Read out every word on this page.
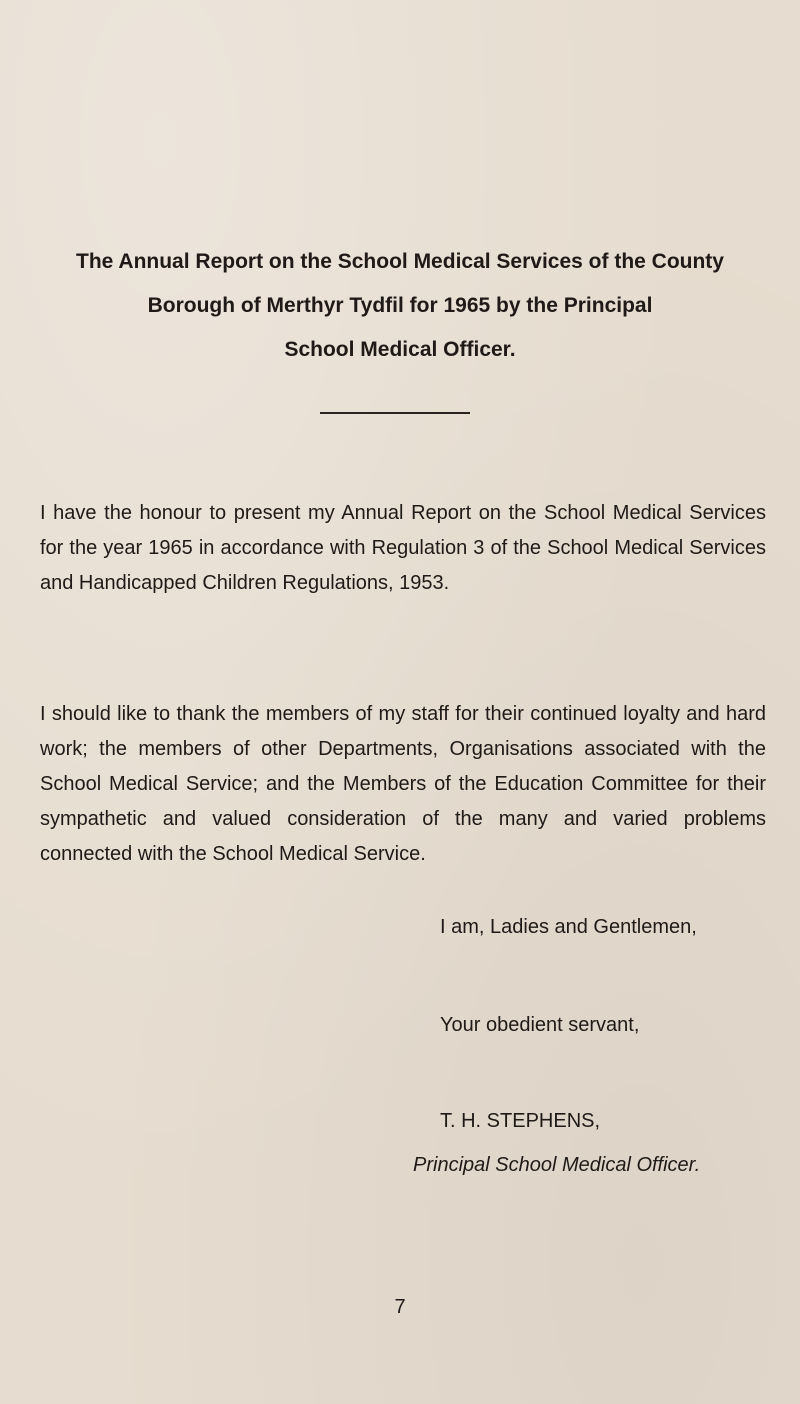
The Annual Report on the School Medical Services of the County
Borough of Merthyr Tydfil for 1965 by the Principal
School Medical Officer.

I have the honour to present my Annual Report on the School Medical Services for the year 1965 in accordance with Regulation 3 of the School Medical Services and Handicapped Children Regulations, 1953.

I should like to thank the members of my staff for their continued loyalty and hard work; the members of other Departments, Organisations associated with the School Medical Service; and the Members of the Education Committee for their sympathetic and valued consideration of the many and varied problems connected with the School Medical Service.

I am, Ladies and Gentlemen,
Your obedient servant,
T. H. STEPHENS,
Principal School Medical Officer.
7
